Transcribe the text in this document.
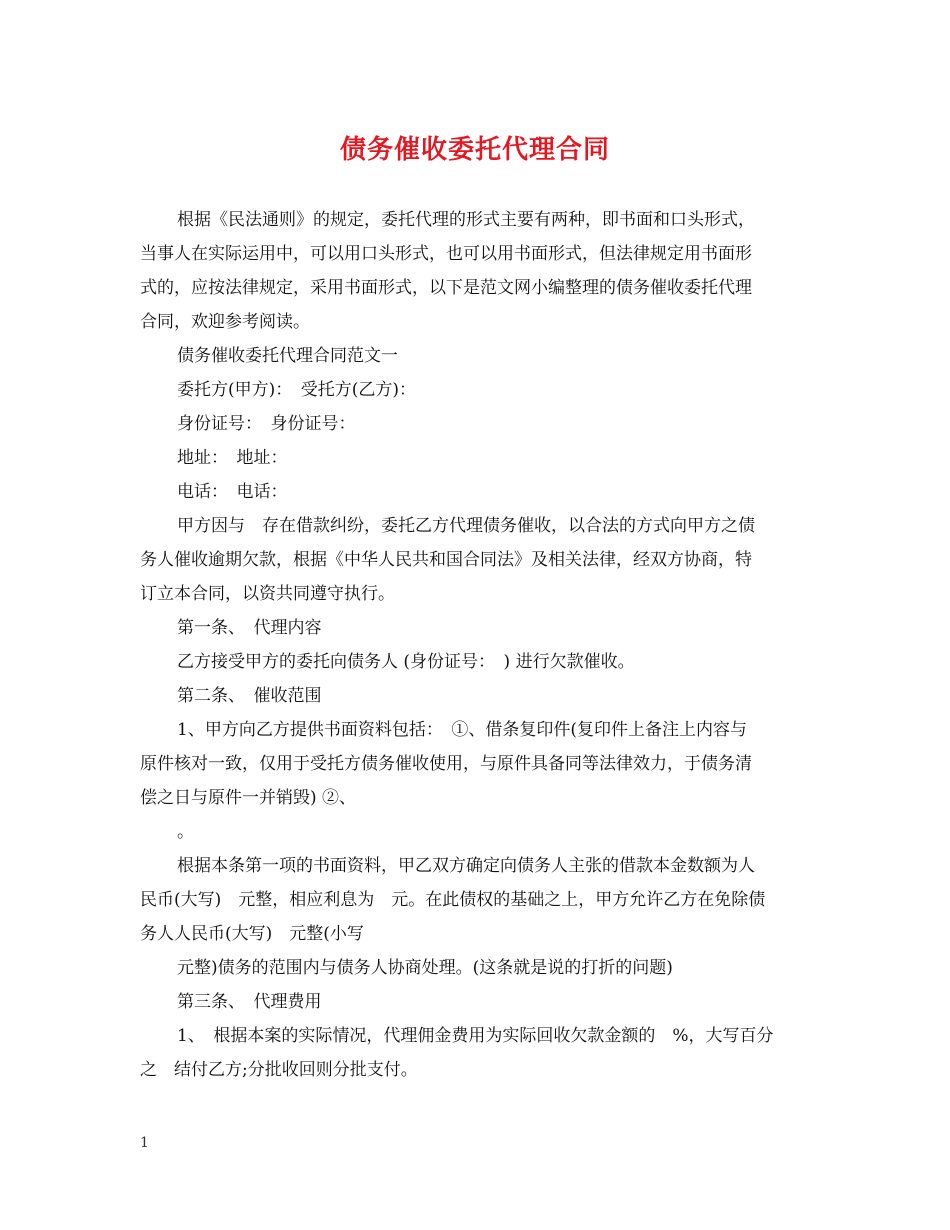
债务催收委托代理合同
根据《民法通则》的规定，委托代理的形式主要有两种，即书面和口头形式，
当事人在实际运用中，可以用口头形式，也可以用书面形式，但法律规定用书面形
式的，应按法律规定，采用书面形式，以下是范文网小编整理的债务催收委托代理
合同，欢迎参考阅读。
债务催收委托代理合同范文一
委托方(甲方)：　受托方(乙方)：
身份证号：　身份证号：
地址：　地址：
电话：　电话：
甲方因与　存在借款纠纷，委托乙方代理债务催收，以合法的方式向甲方之债
务人催收逾期欠款，根据《中华人民共和国合同法》及相关法律，经双方协商，特
订立本合同，以资共同遵守执行。
第一条、　代理内容
乙方接受甲方的委托向债务人 (身份证号：　) 进行欠款催收。
第二条、　催收范围
1、甲方向乙方提供书面资料包括：　①、借条复印件(复印件上备注上内容与
原件核对一致，仅用于受托方债务催收使用，与原件具备同等法律效力，于债务清
偿之日与原件一并销毁) ②、
。
根据本条第一项的书面资料，甲乙双方确定向债务人主张的借款本金数额为人
民币(大写)　元整，相应利息为　元。在此债权的基础之上，甲方允许乙方在免除债
务人人民币(大写)　元整(小写
元整)债务的范围内与债务人协商处理。(这条就是说的打折的问题)
第三条、　代理费用
1、　根据本案的实际情况，代理佣金费用为实际回收欠款金额的　%，大写百分
之　结付乙方;分批收回则分批支付。
1
